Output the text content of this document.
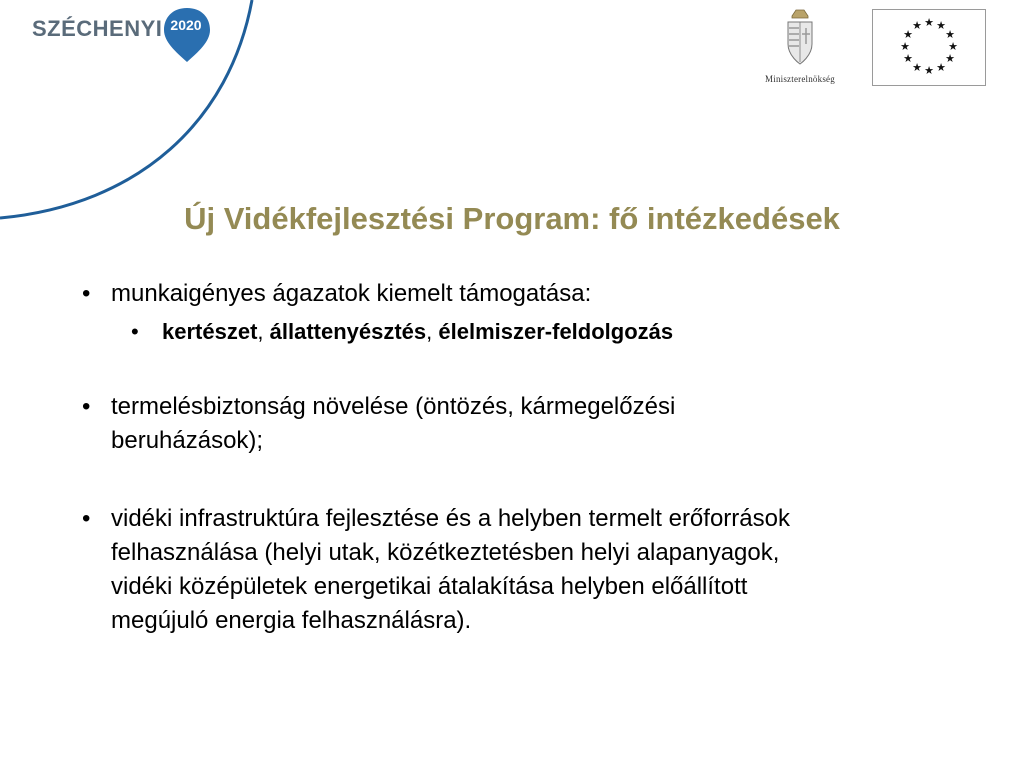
SZÉCHENYI 2020
Miniszterelnökség
★ ★
★
★
★
★
★
★
★
★
★
★
Új Vidékfejlesztési Program: fő intézkedések
• munkaigényes ágazatok kiemelt támogatása:
• kertészet, állattenyésztés, élelmiszer-feldolgozás
• termelésbiztonság növelése (öntözés, kármegelőzési
beruházások);
• vidéki infrastruktúra fejlesztése és a helyben termelt erőforrások
felhasználása (helyi utak, közétkeztetésben helyi alapanyagok,
vidéki középületek energetikai átalakítása helyben előállított
megújuló energia felhasználásra).
